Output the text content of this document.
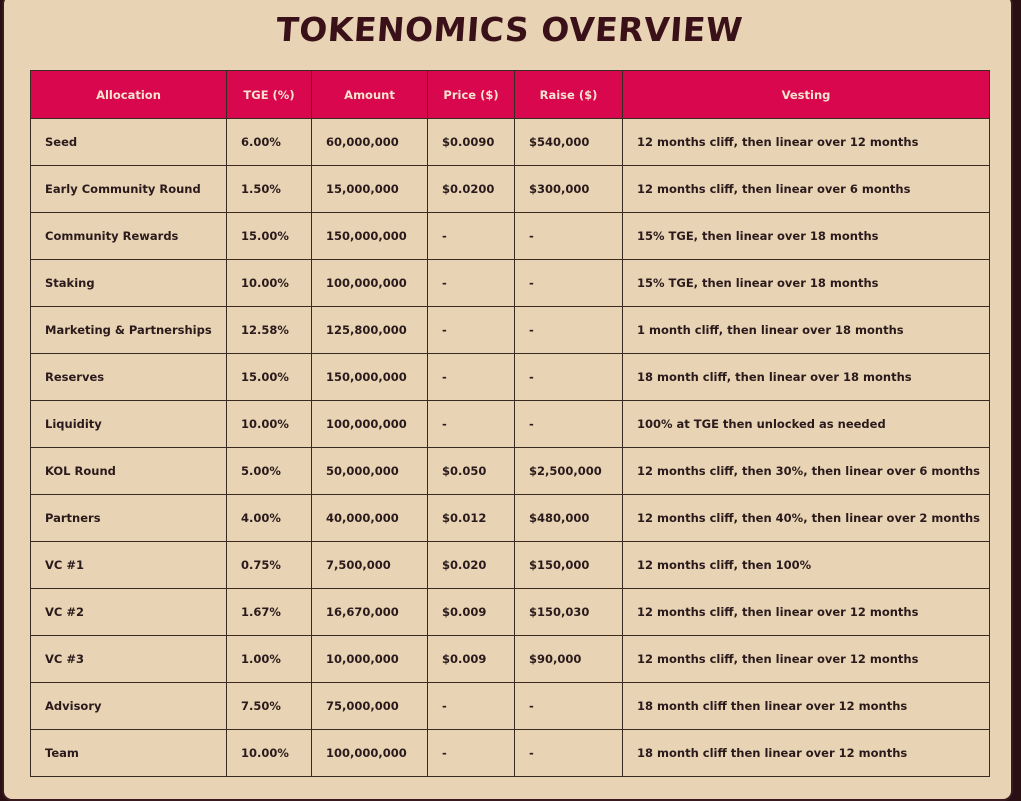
TOKENOMICS OVERVIEW
Allocation	TGE (%)	Amount	Price ($)	Raise ($)	Vesting
Seed	6.00%	60,000,000	$0.0090	$540,000	12 months cliff, then linear over 12 months
Early Community Round	1.50%	15,000,000	$0.0200	$300,000	12 months cliff, then linear over 6 months
Community Rewards	15.00%	150,000,000	-	-	15% TGE, then linear over 18 months
Staking	10.00%	100,000,000	-	-	15% TGE, then linear over 18 months
Marketing & Partnerships	12.58%	125,800,000	-	-	1 month cliff, then linear over 18 months
Reserves	15.00%	150,000,000	-	-	18 month cliff, then linear over 18 months
Liquidity	10.00%	100,000,000	-	-	100% at TGE then unlocked as needed
KOL Round	5.00%	50,000,000	$0.050	$2,500,000	12 months cliff, then 30%, then linear over 6 months
Partners	4.00%	40,000,000	$0.012	$480,000	12 months cliff, then 40%, then linear over 2 months
VC #1	0.75%	7,500,000	$0.020	$150,000	12 months cliff, then 100%
VC #2	1.67%	16,670,000	$0.009	$150,030	12 months cliff, then linear over 12 months
VC #3	1.00%	10,000,000	$0.009	$90,000	12 months cliff, then linear over 12 months
Advisory	7.50%	75,000,000	-	-	18 month cliff then linear over 12 months
Team	10.00%	100,000,000	-	-	18 month cliff then linear over 12 months
